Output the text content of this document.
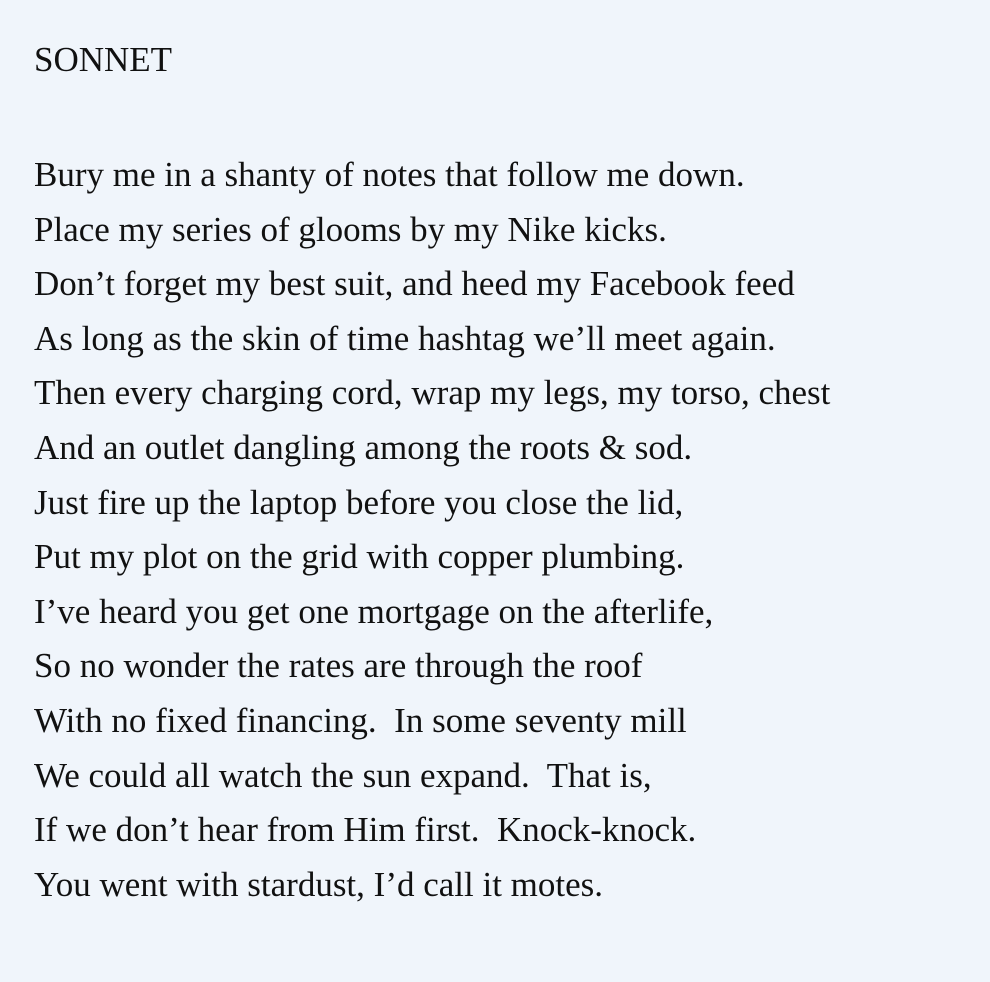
SONNET
Bury me in a shanty of notes that follow me down.
Place my series of glooms by my Nike kicks.
Don’t forget my best suit, and heed my Facebook feed
As long as the skin of time hashtag we’ll meet again.
Then every charging cord, wrap my legs, my torso, chest
And an outlet dangling among the roots & sod.
Just fire up the laptop before you close the lid,
Put my plot on the grid with copper plumbing.
I’ve heard you get one mortgage on the afterlife,
So no wonder the rates are through the roof
With no fixed financing.  In some seventy mill
We could all watch the sun expand.  That is,
If we don’t hear from Him first.  Knock-knock.
You went with stardust, I’d call it motes.
